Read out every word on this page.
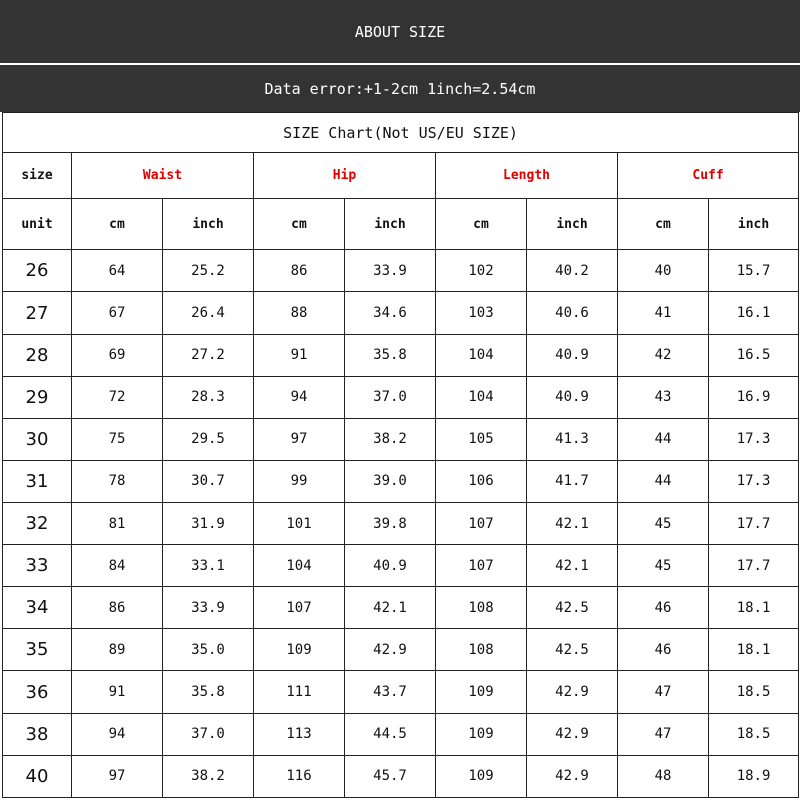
ABOUT SIZE
Data error:+1-2cm 1inch=2.54cm
SIZE Chart(Not US/EU SIZE)								
size	Waist		Hip		Length		Cuff	
unit	cm	inch	cm	inch	cm	inch	cm	inch
26	64	25.2	86	33.9	102	40.2	40	15.7
27	67	26.4	88	34.6	103	40.6	41	16.1
28	69	27.2	91	35.8	104	40.9	42	16.5
29	72	28.3	94	37.0	104	40.9	43	16.9
30	75	29.5	97	38.2	105	41.3	44	17.3
31	78	30.7	99	39.0	106	41.7	44	17.3
32	81	31.9	101	39.8	107	42.1	45	17.7
33	84	33.1	104	40.9	107	42.1	45	17.7
34	86	33.9	107	42.1	108	42.5	46	18.1
35	89	35.0	109	42.9	108	42.5	46	18.1
36	91	35.8	111	43.7	109	42.9	47	18.5
38	94	37.0	113	44.5	109	42.9	47	18.5
40	97	38.2	116	45.7	109	42.9	48	18.9
